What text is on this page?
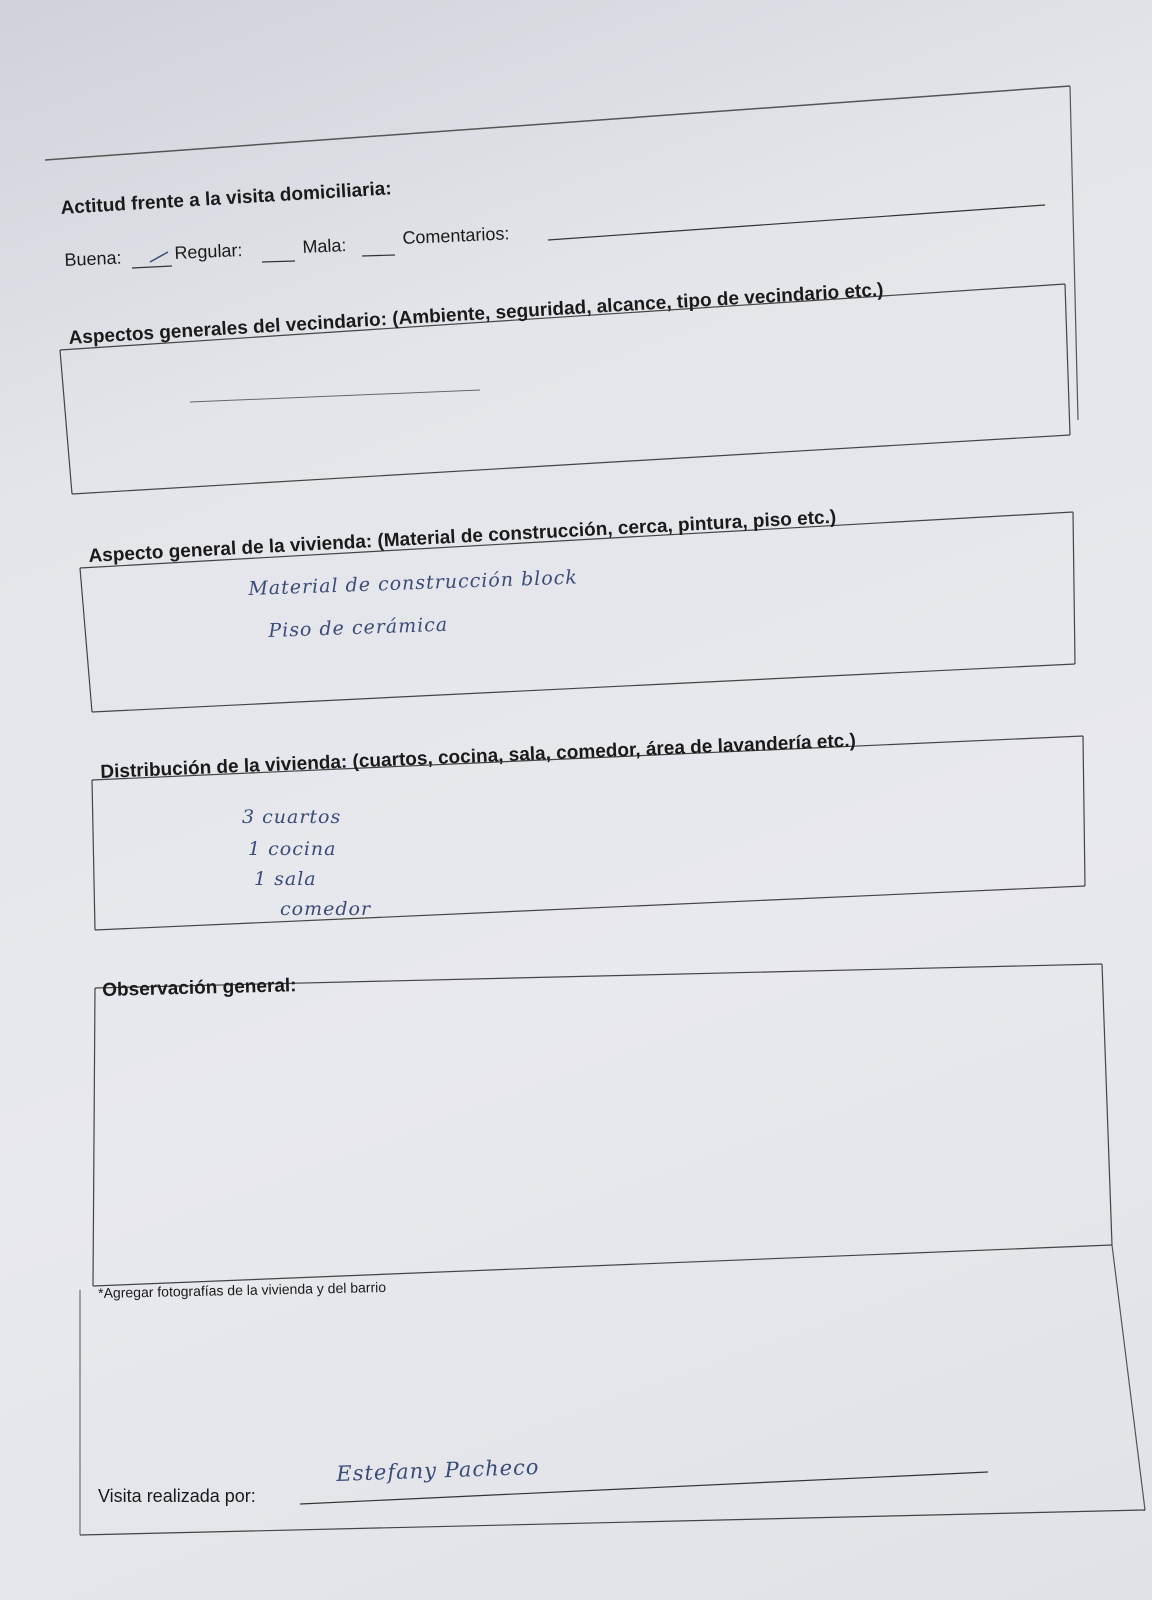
Actitud frente a la visita domiciliaria:
Buena:	Regular:	Mala:	Comentarios:
Aspectos generales del vecindario: (Ambiente, seguridad, alcance, tipo de vecindario etc.)
Aspecto general de la vivienda: (Material de construcción, cerca, pintura, piso etc.)
Material de construcción block
Piso de cerámica
Distribución de la vivienda: (cuartos, cocina, sala, comedor, área de lavandería etc.)
3 cuartos
1 cocina
1 sala
comedor
Observación general:
*Agregar fotografías de la vivienda y del barrio
Visita realizada por:
Estefany Pacheco
